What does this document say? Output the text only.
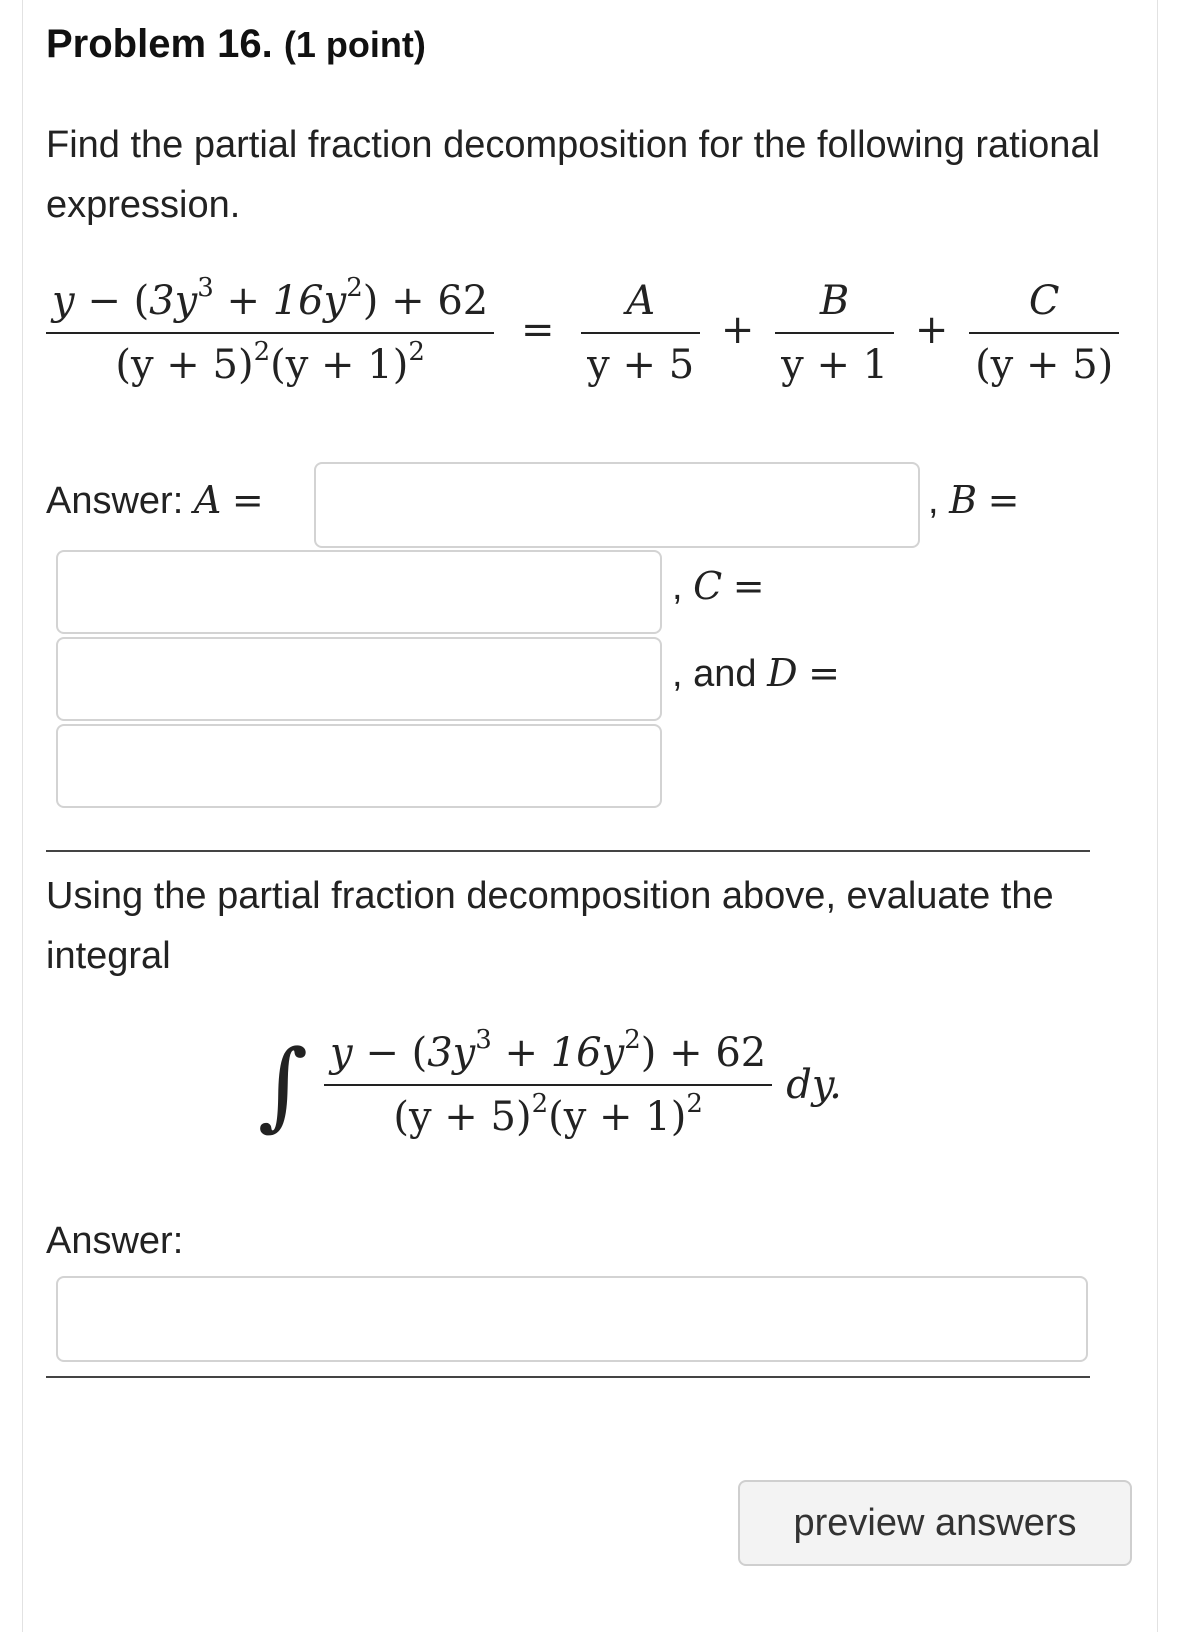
Problem 16. (1 point)
Find the partial fraction decomposition for the following rational expression.
$\frac{y - (3y^3 + 16y^2) + 62}{(y + 5)^2(y + 1)^2} = \frac{A}{y + 5} + \frac{B}{y + 1} + \frac{C}{(y + 5)}$
Answer: A =	, B =
, C =
, and D =
Using the partial fraction decomposition above, evaluate the integral
∫ $\frac{y - (3y^3 + 16y^2) + 62}{(y + 5)^2(y + 1)^2}$ dy.
Answer:
preview answers
